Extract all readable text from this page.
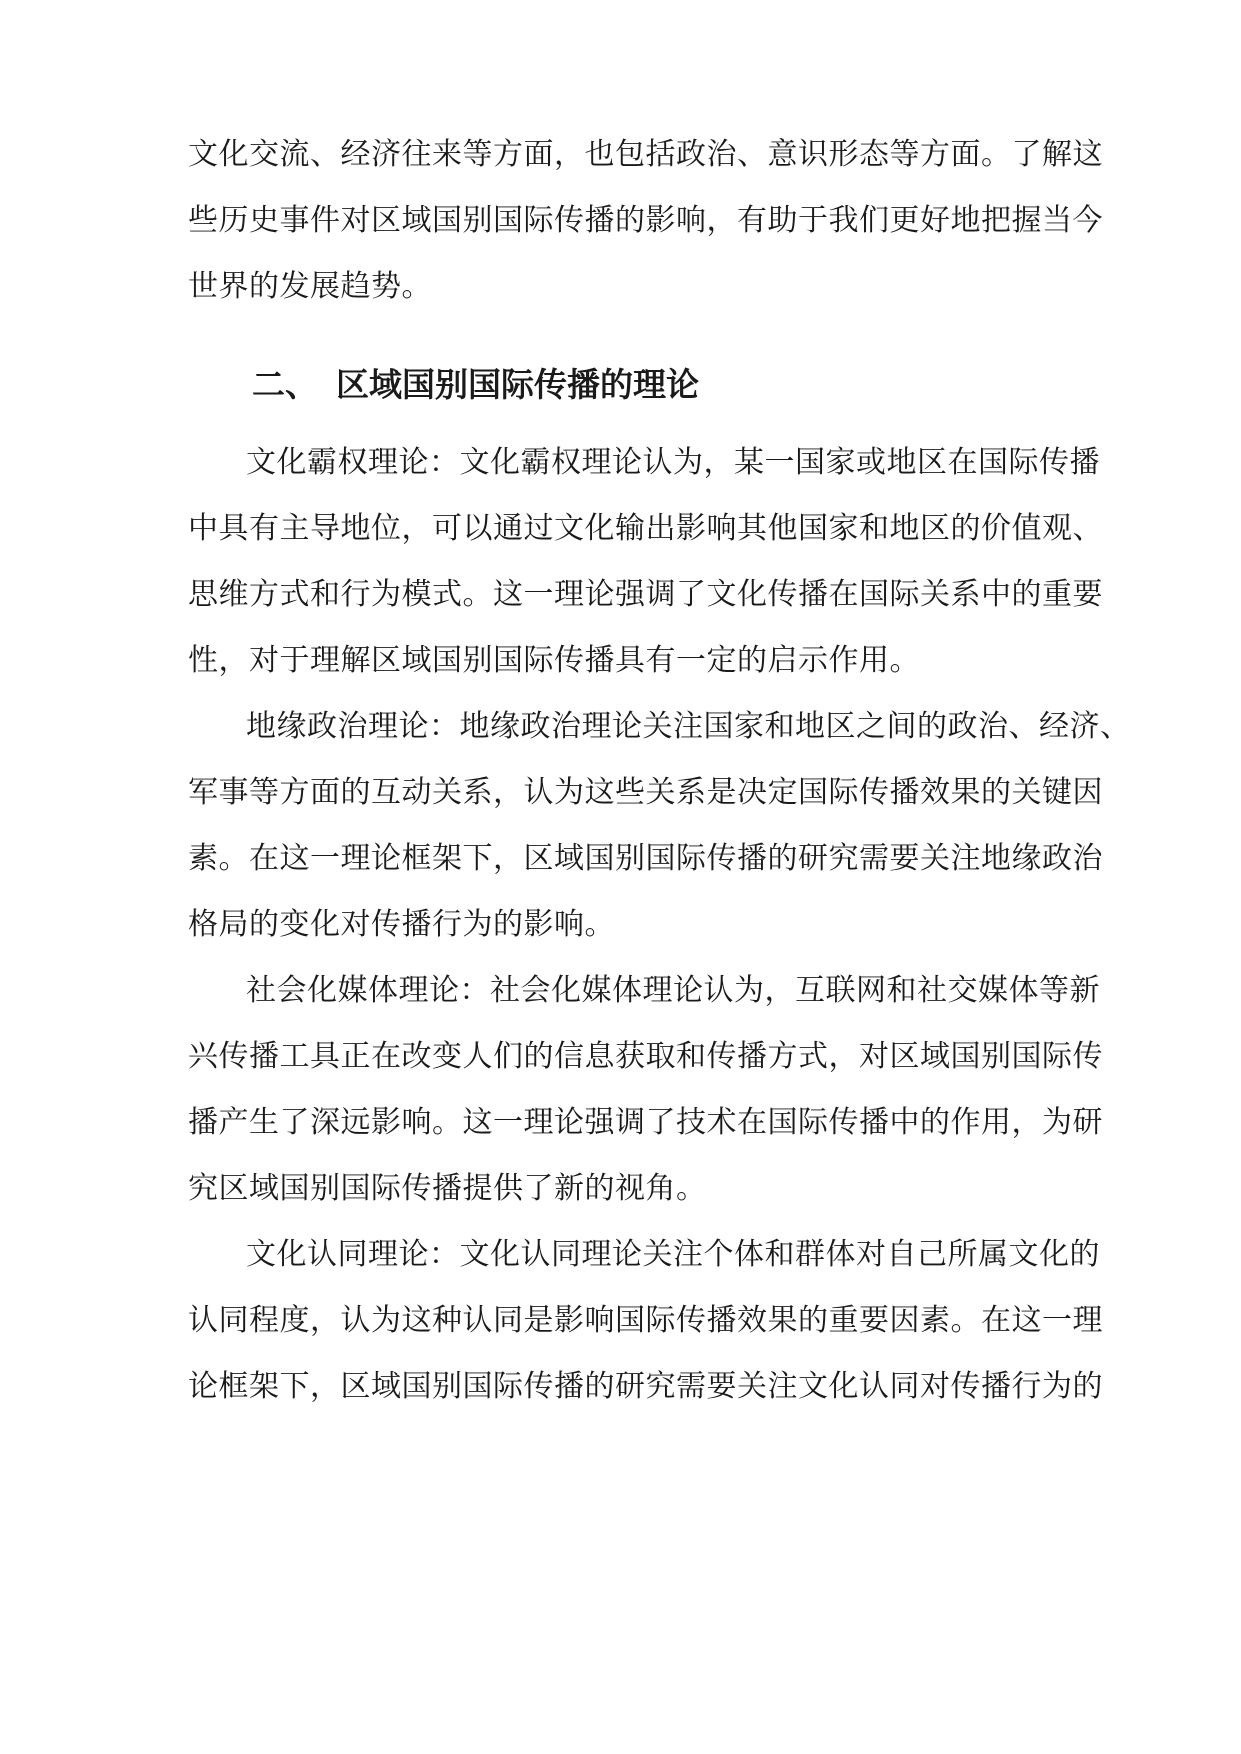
文化交流、经济往来等方面，也包括政治、意识形态等方面。了解这
些历史事件对区域国别国际传播的影响，有助于我们更好地把握当今
世界的发展趋势。
二、 区域国别国际传播的理论
文化霸权理论：文化霸权理论认为，某一国家或地区在国际传播
中具有主导地位，可以通过文化输出影响其他国家和地区的价值观、
思维方式和行为模式。这一理论强调了文化传播在国际关系中的重要
性，对于理解区域国别国际传播具有一定的启示作用。
地缘政治理论：地缘政治理论关注国家和地区之间的政治、经济、
军事等方面的互动关系，认为这些关系是决定国际传播效果的关键因
素。在这一理论框架下，区域国别国际传播的研究需要关注地缘政治
格局的变化对传播行为的影响。
社会化媒体理论：社会化媒体理论认为，互联网和社交媒体等新
兴传播工具正在改变人们的信息获取和传播方式，对区域国别国际传
播产生了深远影响。这一理论强调了技术在国际传播中的作用，为研
究区域国别国际传播提供了新的视角。
文化认同理论：文化认同理论关注个体和群体对自己所属文化的
认同程度，认为这种认同是影响国际传播效果的重要因素。在这一理
论框架下，区域国别国际传播的研究需要关注文化认同对传播行为的
